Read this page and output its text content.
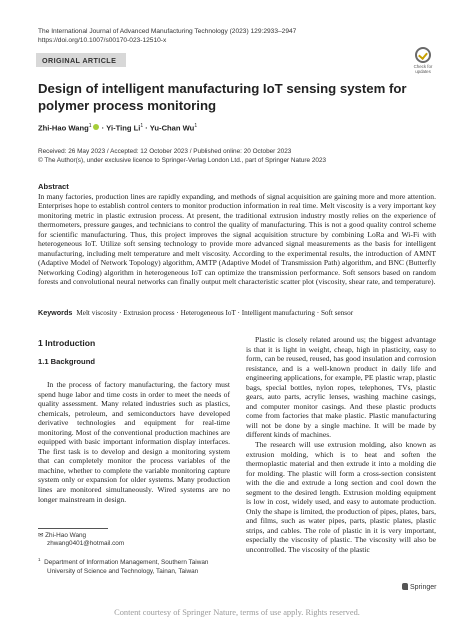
The International Journal of Advanced Manufacturing Technology (2023) 129:2933–2947
https://doi.org/10.1007/s00170-023-12510-x
ORIGINAL ARTICLE
Check for updates
Design of intelligent manufacturing IoT sensing system for polymer process monitoring
Zhi-Hao Wang$^1$ · Yi-Ting $Li^1$ · Yu-Chan Wu$^1$
Received: 26 May 2023 / Accepted: 12 October 2023 / Published online: 20 October 2023
© The Author(s), under exclusive licence to Springer-Verlag London Ltd., part of Springer Nature 2023
Abstract
In many factories, production lines are rapidly expanding, and methods of signal acquisition are gaining more and more attention. Enterprises hope to establish control centers to monitor production information in real time. Melt viscosity is a very important key monitoring metric in plastic extrusion process. At present, the traditional extrusion industry mostly relies on the experience of thermometers, pressure gauges, and technicians to control the quality of manufacturing. This is not a good quality control scheme for scientific manufacturing. Thus, this project improves the signal acquisition structure by combining LoRa and Wi-Fi with heterogeneous IoT. Utilize soft sensing technology to provide more advanced signal measurements as the basis for intelligent manufacturing, including melt temperature and melt viscosity. According to the experimental results, the introduction of AMNT (Adaptive Model of Network Topology) algorithm, AMTP (Adaptive Model of Transmission Path) algorithm, and BNC (Butterfly Networking Coding) algorithm in heterogeneous IoT can optimize the transmission performance. Soft sensors based on random forests and convolutional neural networks can finally output melt characteristic scatter plot (viscosity, shear rate, and temperature).
Keywords Melt viscosity · Extrusion process · Heterogeneous IoT · Intelligent manufacturing · Soft sensor
1 Introduction
1.1 Background

In the process of factory manufacturing, the factory must spend huge labor and time costs in order to meet the needs of quality assessment. Many related industries such as plastics, chemicals, petroleum, and semiconductors have developed derivative technologies and equipment for real-time monitoring. Most of the conventional production machines are equipped with basic important information display interfaces. The first task is to develop and design a monitoring system that can completely monitor the process variables of the machine, whether to complete the variable monitoring capture system only or expansion for older systems. Many production lines are monitored simultaneously. Wired systems are no longer mainstream in design.

Plastic is closely related around us; the biggest advantage is that it is light in weight, cheap, high in plasticity, easy to form, can be reused, reused, has good insulation and corrosion resistance, and is a well-known product in daily life and engineering applications, for example, PE plastic wrap, plastic bags, special bottles, nylon ropes, telephones, TVs, plastic gears, auto parts, acrylic lenses, washing machine casings, and computer monitor casings. And these plastic products come from factories that make plastic. Plastic manufacturing will not be done by a single machine. It will be made by different kinds of machines.
The research will use extrusion molding, also known as extrusion molding, which is to heat and soften the thermoplastic material and then extrude it into a molding die for molding. The plastic will form a cross-section consistent with the die and extrude a long section and cool down the segment to the desired length. Extrusion molding equipment is low in cost, widely used, and easy to automate production. Only the shape is limited, the production of pipes, plates, bars, and films, such as water pipes, parts, plastic plates, plastic strips, and cables. The role of plastic in it is very important, especially the viscosity of plastic. The viscosity will also be uncontrolled. The viscosity of the plastic
✉ Zhi-Hao Wang
zhwang0401@hotmail.com
$^1$ Department of Information Management, Southern Taiwan
University of Science and Technology, Tainan, Taiwan
Springer
Content courtesy of Springer Nature, terms of use apply. Rights reserved.
